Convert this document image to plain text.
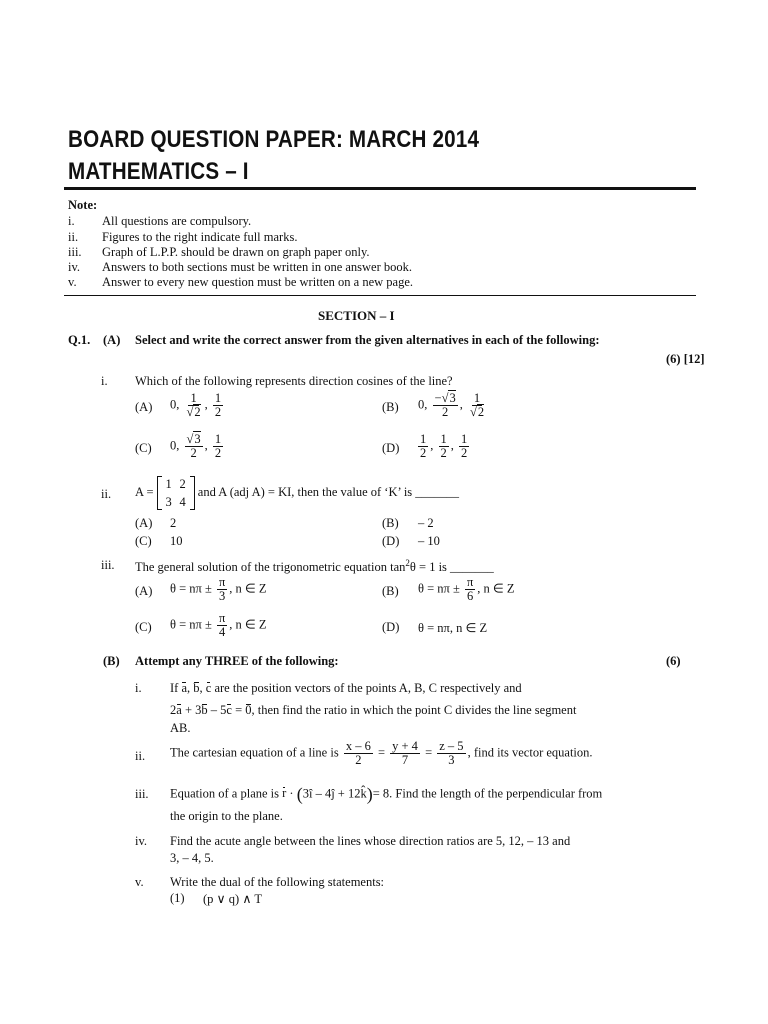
BOARD QUESTION PAPER: MARCH 2014
MATHEMATICS – I
Note:
i. All questions are compulsory.
ii. Figures to the right indicate full marks.
iii. Graph of L.P.P. should be drawn on graph paper only.
iv. Answers to both sections must be written in one answer book.
v. Answer to every new question must be written on a new page.
SECTION – I
Q.1. (A) Select and write the correct answer from the given alternatives in each of the following:
(6) [12]
i. Which of the following represents direction cosines of the line?
(A) 0, $\frac{1}{√2}$ , $\frac{1}{2}$	(B) 0, $\frac{-√3}{2}$ , $\frac{1}{√2}$
(C) 0, $\frac{√3}{2}$ , $\frac{1}{2}$	$(D) \frac{1}{2}$ , $\frac{1}{2}$ , $\frac{1}{2}$
ii. A =
1 2
3 4
and A (adj A) = KI, then the value of ‘K’ is _______
(A) 2	(B) – 2
(C) 10	(D) – 10
iii. The general solution of the trigonometric equation $\tan^2\theta = 1$ is _______
(A) $\theta = n\pi \pm \frac{\pi}{3}$ , n ∈ Z	(B) $\theta = n\pi \pm \frac{\pi}{6}$ , n ∈ Z
(C) $\theta = n\pi \pm \frac{\pi}{4}$ , n ∈ Z	(D) θ = nπ, n ∈ Z
(B) Attempt any THREE of the following:	(6)
i. If a, b, c are the position vectors of the points A, B, C respectively and
2a + 3b – 5c = 0, then find the ratio in which the point C divides the line segment
AB.
ii. The cartesian equation of a line is $\frac{x - 6}{2} = \frac{y + 4}{7} = \frac{z - 5}{3}$ , find its vector equation.
iii. Equation of a plane is r · (3î – 4ĵ + 12k̂)= 8. Find the length of the perpendicular from
the origin to the plane.
iv. Find the acute angle between the lines whose direction ratios are 5, 12, – 13 and
3, – 4, 5.
v. Write the dual of the following statements:
(1) (p ∨ q) ∧ T
